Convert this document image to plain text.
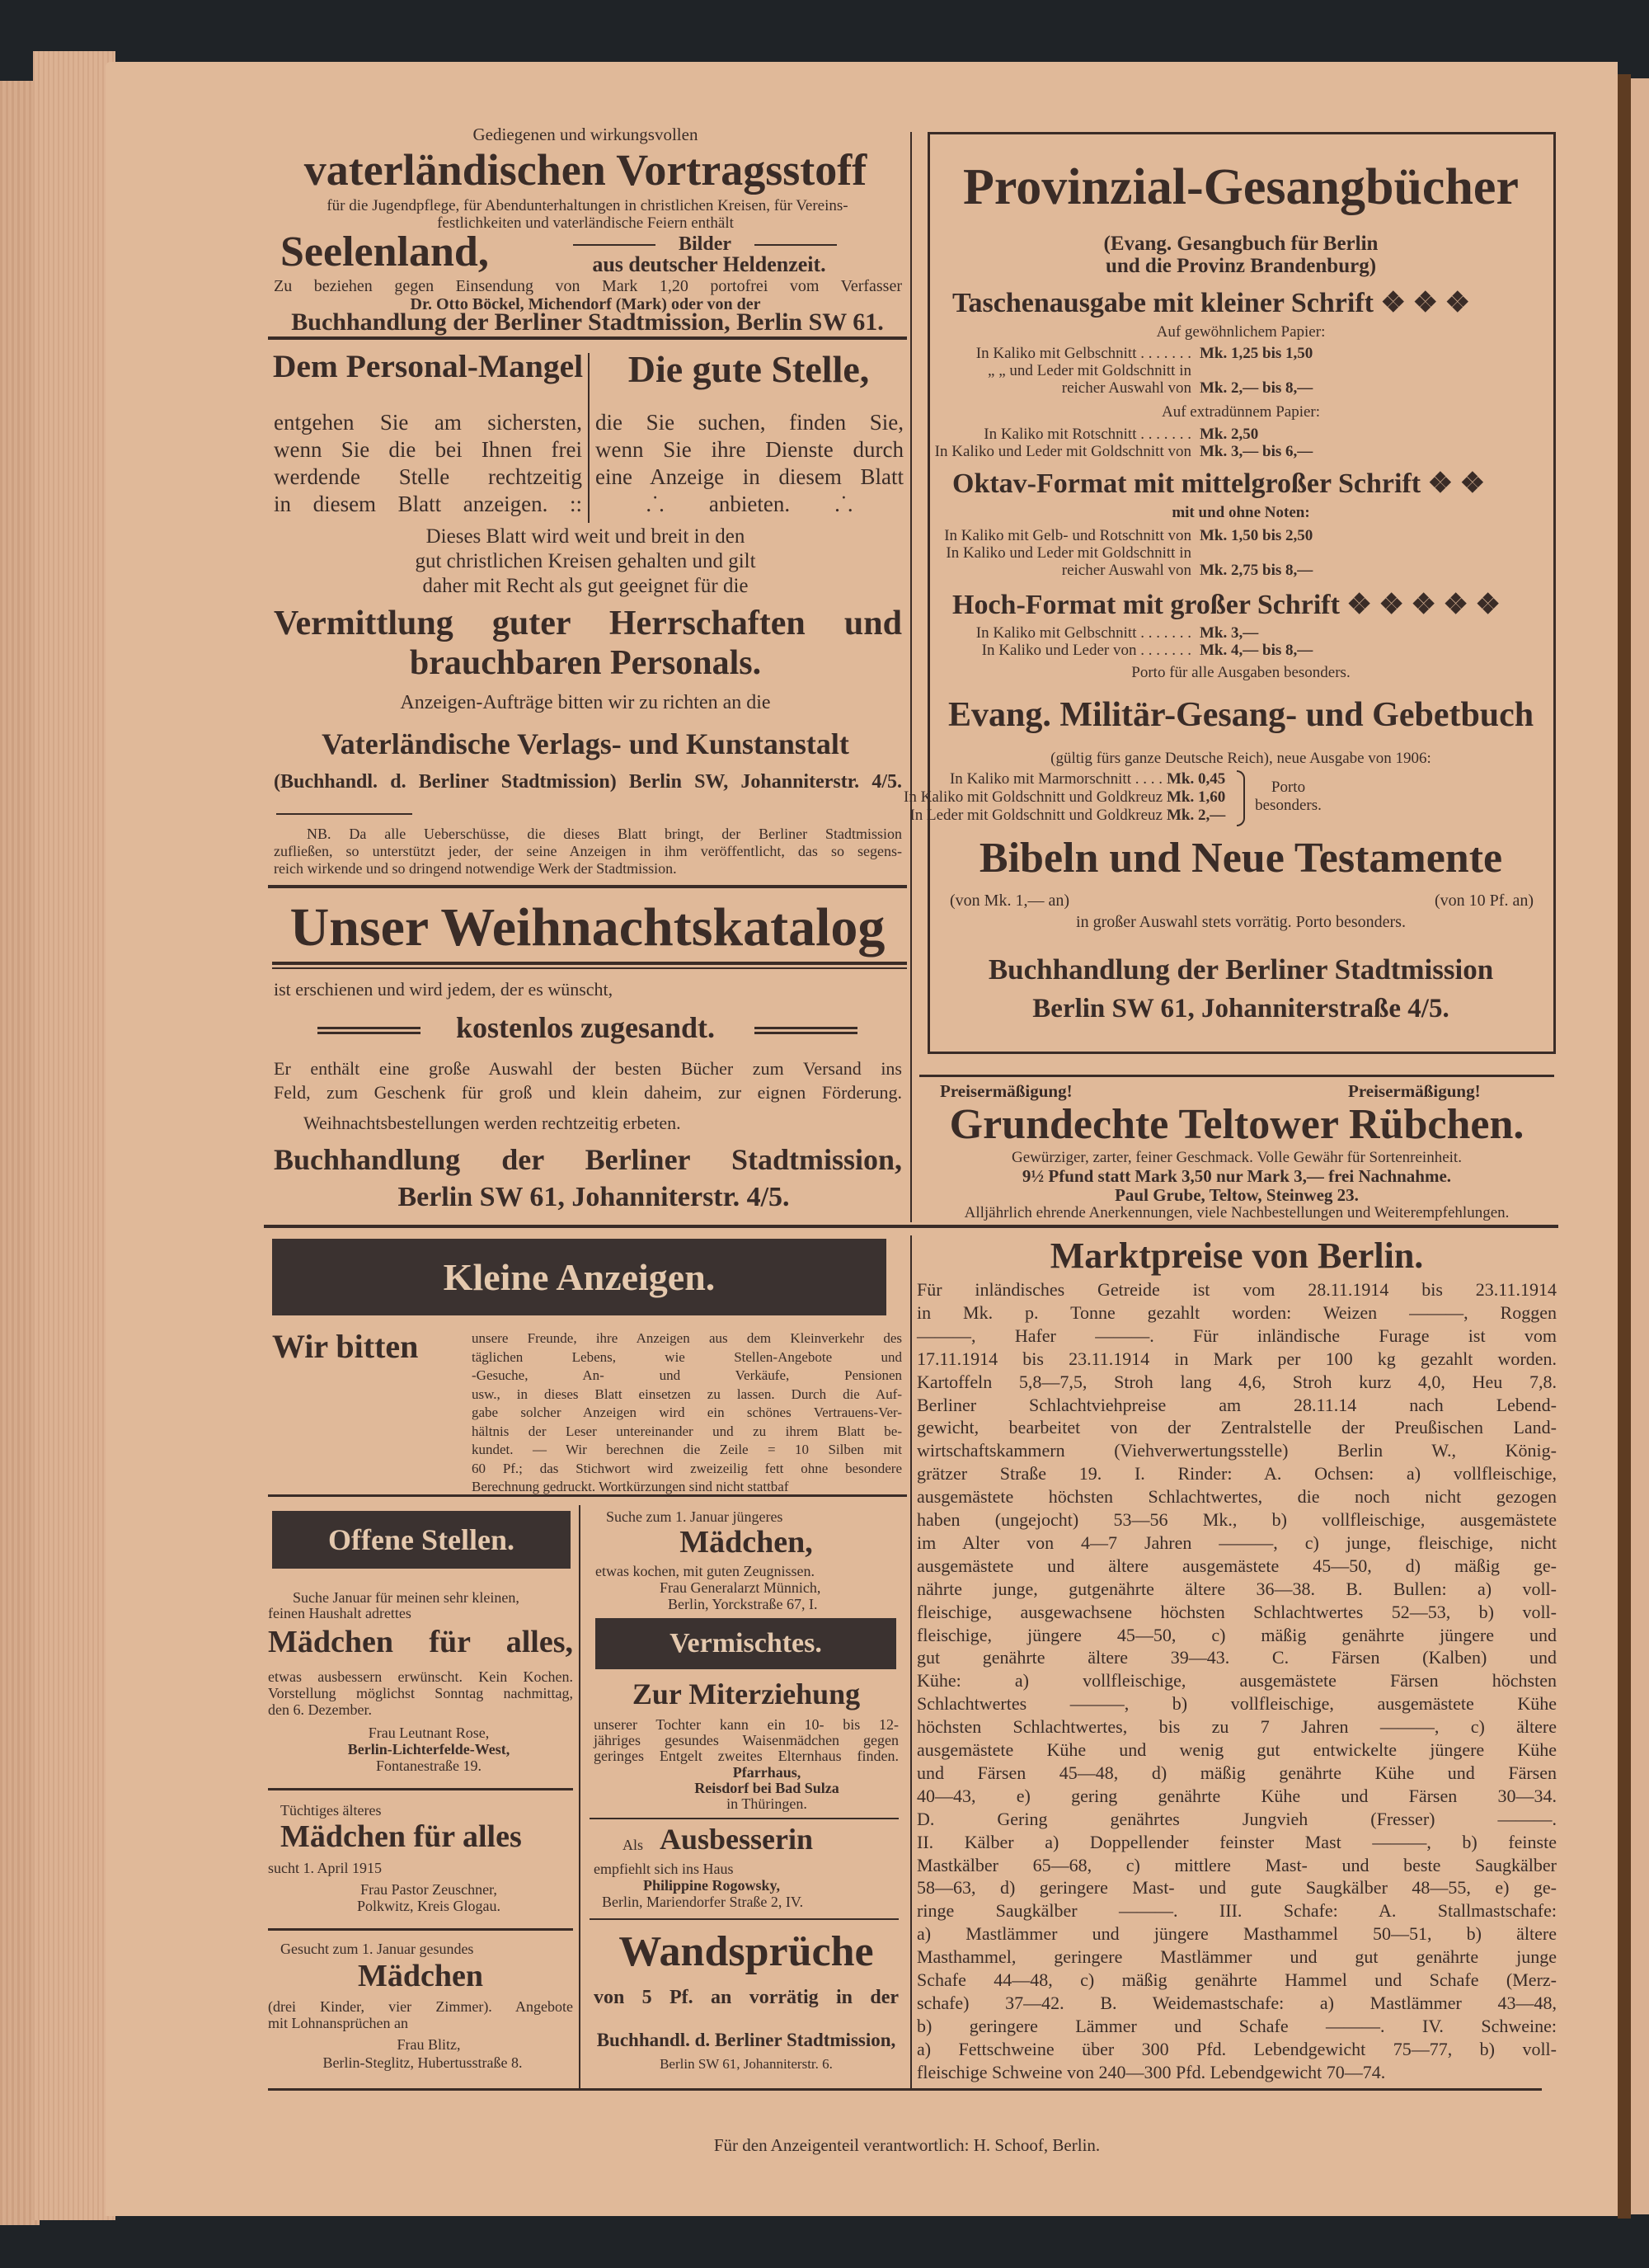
Gediegenen und wirkungsvollen
vaterländischen Vortragsstoff
für die Jugendpflege, für Abendunterhaltungen in christlichen Kreisen, für Vereins-
festlichkeiten und vaterländische Feiern enthält
Seelenland,	Bilder
aus deutscher Heldenzeit.
Zu beziehen gegen Einsendung von Mark 1,20 portofrei vom Verfasser
Dr. Otto Böckel, Michendorf (Mark) oder von der
Buchhandlung der Berliner Stadtmission, Berlin SW 61.
Dem Personal-Mangel	Die gute Stelle,
entgehen Sie am sichersten,
wenn Sie die bei Ihnen frei
werdende Stelle rechtzeitig
in diesem Blatt anzeigen. ::
die Sie suchen, finden Sie,
wenn Sie ihre Dienste durch
eine Anzeige in diesem Blatt
.˙.        anbieten.        .˙.
Dieses Blatt wird weit und breit in den
gut christlichen Kreisen gehalten und gilt
daher mit Recht als gut geeignet für die
Vermittlung guter Herrschaften und
brauchbaren Personals.
Anzeigen-Aufträge bitten wir zu richten an die
Vaterländische Verlags- und Kunstanstalt
(Buchhandl. d. Berliner Stadtmission) Berlin SW, Johanniterstr. 4/5.
NB. Da alle Ueberschüsse, die dieses Blatt bringt, der Berliner Stadtmission
zufließen, so unterstützt jeder, der seine Anzeigen in ihm veröffentlicht, das so segens-
reich wirkende und so dringend notwendige Werk der Stadtmission.
Unser Weihnachtskatalog
ist erschienen und wird jedem, der es wünscht,
kostenlos zugesandt.
Er enthält eine große Auswahl der besten Bücher zum Versand ins
Feld, zum Geschenk für groß und klein daheim, zur eignen Förderung.
Weihnachtsbestellungen werden rechtzeitig erbeten.
Buchhandlung der Berliner Stadtmission,
Berlin SW 61, Johanniterstr. 4/5.
Provinzial-Gesangbücher
(Evang. Gesangbuch für Berlin
und die Provinz Brandenburg)
Taschenausgabe mit kleiner Schrift ❖ ❖ ❖
Auf gewöhnlichem Papier:
In Kaliko mit Gelbschnitt . . . . . . . Mk. 1,25 bis 1,50
„ „ und Leder mit Goldschnitt in
reicher Auswahl von Mk. 2,— bis 8,—
Auf extradünnem Papier:
In Kaliko mit Rotschnitt . . . . . . . Mk. 2,50
In Kaliko und Leder mit Goldschnitt von Mk. 3,— bis 6,—
Oktav-Format mit mittelgroßer Schrift ❖ ❖
mit und ohne Noten:
In Kaliko mit Gelb- und Rotschnitt von Mk. 1,50 bis 2,50
In Kaliko und Leder mit Goldschnitt in
reicher Auswahl von Mk. 2,75 bis 8,—
Hoch-Format mit großer Schrift ❖ ❖ ❖ ❖ ❖
In Kaliko mit Gelbschnitt . . . . . . . Mk. 3,—
In Kaliko und Leder von . . . . . . . Mk. 4,— bis 8,—
Porto für alle Ausgaben besonders.
Evang. Militär-Gesang- und Gebetbuch
(gültig fürs ganze Deutsche Reich), neue Ausgabe von 1906:
In Kaliko mit Marmorschnitt . . . . Mk. 0,45
In Kaliko mit Goldschnitt und Goldkreuz Mk. 1,60
In Leder mit Goldschnitt und Goldkreuz Mk. 2,—
Porto
besonders.
Bibeln und Neue Testamente
(von Mk. 1,— an)	(von 10 Pf. an)
in großer Auswahl stets vorrätig. Porto besonders.
Buchhandlung der Berliner Stadtmission
Berlin SW 61, Johanniterstraße 4/5.
Preisermäßigung!	Preisermäßigung!
Grundechte Teltower Rübchen.
Gewürziger, zarter, feiner Geschmack. Volle Gewähr für Sortenreinheit.
9½ Pfund statt Mark 3,50 nur Mark 3,— frei Nachnahme.
Paul Grube, Teltow, Steinweg 23.
Alljährlich ehrende Anerkennungen, viele Nachbestellungen und Weiterempfehlungen.
Kleine Anzeigen.
Wir bitten	unsere Freunde, ihre Anzeigen aus dem Kleinverkehr des
täglichen Lebens, wie Stellen-Angebote und
-Gesuche, An- und Verkäufe, Pensionen
usw., in dieses Blatt einsetzen zu lassen. Durch die Auf-
gabe solcher Anzeigen wird ein schönes Vertrauens-Ver-
hältnis der Leser untereinander und zu ihrem Blatt be-
kundet. — Wir berechnen die Zeile = 10 Silben mit
60 Pf.; das Stichwort wird zweizeilig fett ohne besondere
Berechnung gedruckt. Wortkürzungen sind nicht stattbaf
Offene Stellen.
Suche Januar für meinen sehr kleinen,
feinen Haushalt adrettes
Mädchen für alles,
etwas ausbessern erwünscht. Kein Kochen.
Vorstellung möglichst Sonntag nachmittag,
den 6. Dezember.
Frau Leutnant Rose,
Berlin-Lichterfelde-West,
Fontanestraße 19.
Tüchtiges älteres
Mädchen für alles
sucht 1. April 1915
Frau Pastor Zeuschner,
Polkwitz, Kreis Glogau.
Gesucht zum 1. Januar gesundes
Mädchen
(drei Kinder, vier Zimmer). Angebote
mit Lohnansprüchen an
Frau Blitz,
Berlin-Steglitz, Hubertusstraße 8.
Suche zum 1. Januar jüngeres
Mädchen,
etwas kochen, mit guten Zeugnissen.
Frau Generalarzt Münnich,
Berlin, Yorckstraße 67, I.
Vermischtes.
Zur Miterziehung
unserer Tochter kann ein 10- bis 12-
jähriges gesundes Waisenmädchen gegen
geringes Entgelt zweites Elternhaus finden.
Pfarrhaus,
Reisdorf bei Bad Sulza
in Thüringen.
Als Ausbesserin
empfiehlt sich ins Haus
Philippine Rogowsky,
Berlin, Mariendorfer Straße 2, IV.
Wandsprüche
von 5 Pf. an vorrätig in der
Buchhandl. d. Berliner Stadtmission,
Berlin SW 61, Johanniterstr. 6.
Marktpreise von Berlin.
Für inländisches Getreide ist vom 28.11.1914 bis 23.11.1914
in Mk. p. Tonne gezahlt worden: Weizen ———, Roggen
———, Hafer ———. Für inländische Furage ist vom
17.11.1914 bis 23.11.1914 in Mark per 100 kg gezahlt worden.
Kartoffeln 5,8—7,5, Stroh lang 4,6, Stroh kurz 4,0, Heu 7,8.
Berliner Schlachtviehpreise am 28.11.14 nach Lebend-
gewicht, bearbeitet von der Zentralstelle der Preußischen Land-
wirtschaftskammern (Viehverwertungsstelle) Berlin W., König-
grätzer Straße 19. I. Rinder: A. Ochsen: a) vollfleischige,
ausgemästete höchsten Schlachtwertes, die noch nicht gezogen
haben (ungejocht) 53—56 Mk., b) vollfleischige, ausgemästete
im Alter von 4—7 Jahren ———, c) junge, fleischige, nicht
ausgemästete und ältere ausgemästete 45—50, d) mäßig ge-
nährte junge, gutgenährte ältere 36—38. B. Bullen: a) voll-
fleischige, ausgewachsene höchsten Schlachtwertes 52—53, b) voll-
fleischige, jüngere 45—50, c) mäßig genährte jüngere und
gut genährte ältere 39—43. C. Färsen (Kalben) und
Kühe: a) vollfleischige, ausgemästete Färsen höchsten
Schlachtwertes ———, b) vollfleischige, ausgemästete Kühe
höchsten Schlachtwertes, bis zu 7 Jahren ———, c) ältere
ausgemästete Kühe und wenig gut entwickelte jüngere Kühe
und Färsen 45—48, d) mäßig genährte Kühe und Färsen
40—43, e) gering genährte Kühe und Färsen 30—34.
D. Gering genährtes Jungvieh (Fresser) ———.
II. Kälber a) Doppellender feinster Mast ———, b) feinste
Mastkälber 65—68, c) mittlere Mast- und beste Saugkälber
58—63, d) geringere Mast- und gute Saugkälber 48—55, e) ge-
ringe Saugkälber ———. III. Schafe: A. Stallmastschafe:
a) Mastlämmer und jüngere Masthammel 50—51, b) ältere
Masthammel, geringere Mastlämmer und gut genährte junge
Schafe 44—48, c) mäßig genährte Hammel und Schafe (Merz-
schafe) 37—42. B. Weidemastschafe: a) Mastlämmer 43—48,
b) geringere Lämmer und Schafe ———. IV. Schweine:
a) Fettschweine über 300 Pfd. Lebendgewicht 75—77, b) voll-
fleischige Schweine von 240—300 Pfd. Lebendgewicht 70—74.
Für den Anzeigenteil verantwortlich: H. Schoof, Berlin.
